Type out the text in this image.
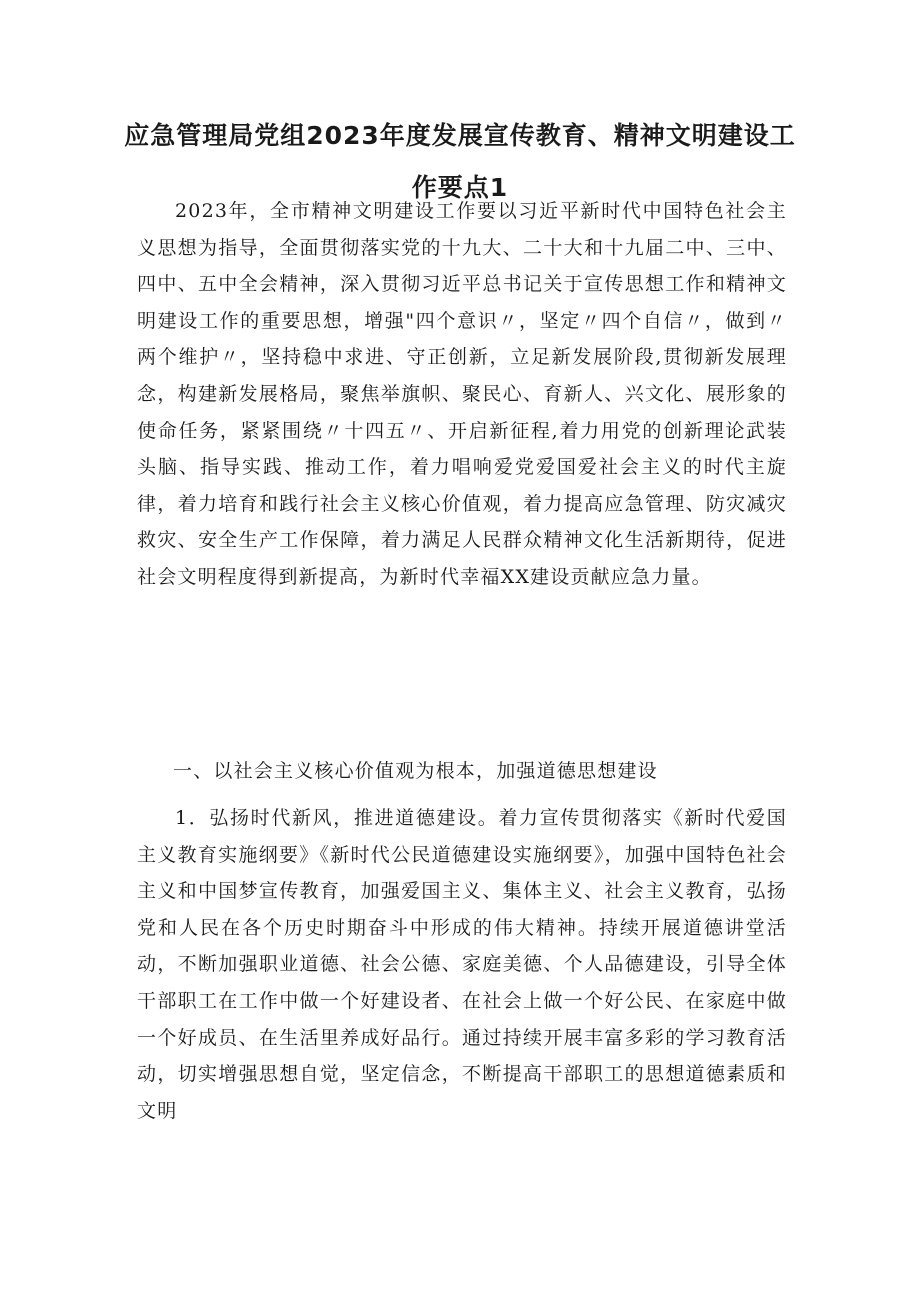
应急管理局党组2023年度发展宣传教育、精神文明建设工
作要点1

2023年，全市精神文明建设工作要以习近平新时代中国特色社会主义思想为指导，全面贯彻落实党的十九大、二十大和十九届二中、三中、四中、五中全会精神，深入贯彻习近平总书记关于宣传思想工作和精神文明建设工作的重要思想，增强"四个意识〃，坚定〃四个自信〃，做到〃两个维护〃，坚持稳中求进、守正创新，立足新发展阶段,贯彻新发展理念，构建新发展格局，聚焦举旗帜、聚民心、育新人、兴文化、展形象的使命任务，紧紧围绕〃十四五〃、开启新征程,着力用党的创新理论武装头脑、指导实践、推动工作，着力唱响爱党爱国爱社会主义的时代主旋律，着力培育和践行社会主义核心价值观，着力提高应急管理、防灾减灾救灾、安全生产工作保障，着力满足人民群众精神文化生活新期待，促进社会文明程度得到新提高，为新时代幸福XX建设贡献应急力量。

一、以社会主义核心价值观为根本，加强道德思想建设

1．弘扬时代新风，推进道德建设。着力宣传贯彻落实《新时代爱国主义教育实施纲要》《新时代公民道德建设实施纲要》，加强中国特色社会主义和中国梦宣传教育，加强爱国主义、集体主义、社会主义教育，弘扬党和人民在各个历史时期奋斗中形成的伟大精神。持续开展道德讲堂活动，不断加强职业道德、社会公德、家庭美德、个人品德建设，引导全体干部职工在工作中做一个好建设者、在社会上做一个好公民、在家庭中做一个好成员、在生活里养成好品行。通过持续开展丰富多彩的学习教育活动，切实增强思想自觉，坚定信念，不断提高干部职工的思想道德素质和文明
